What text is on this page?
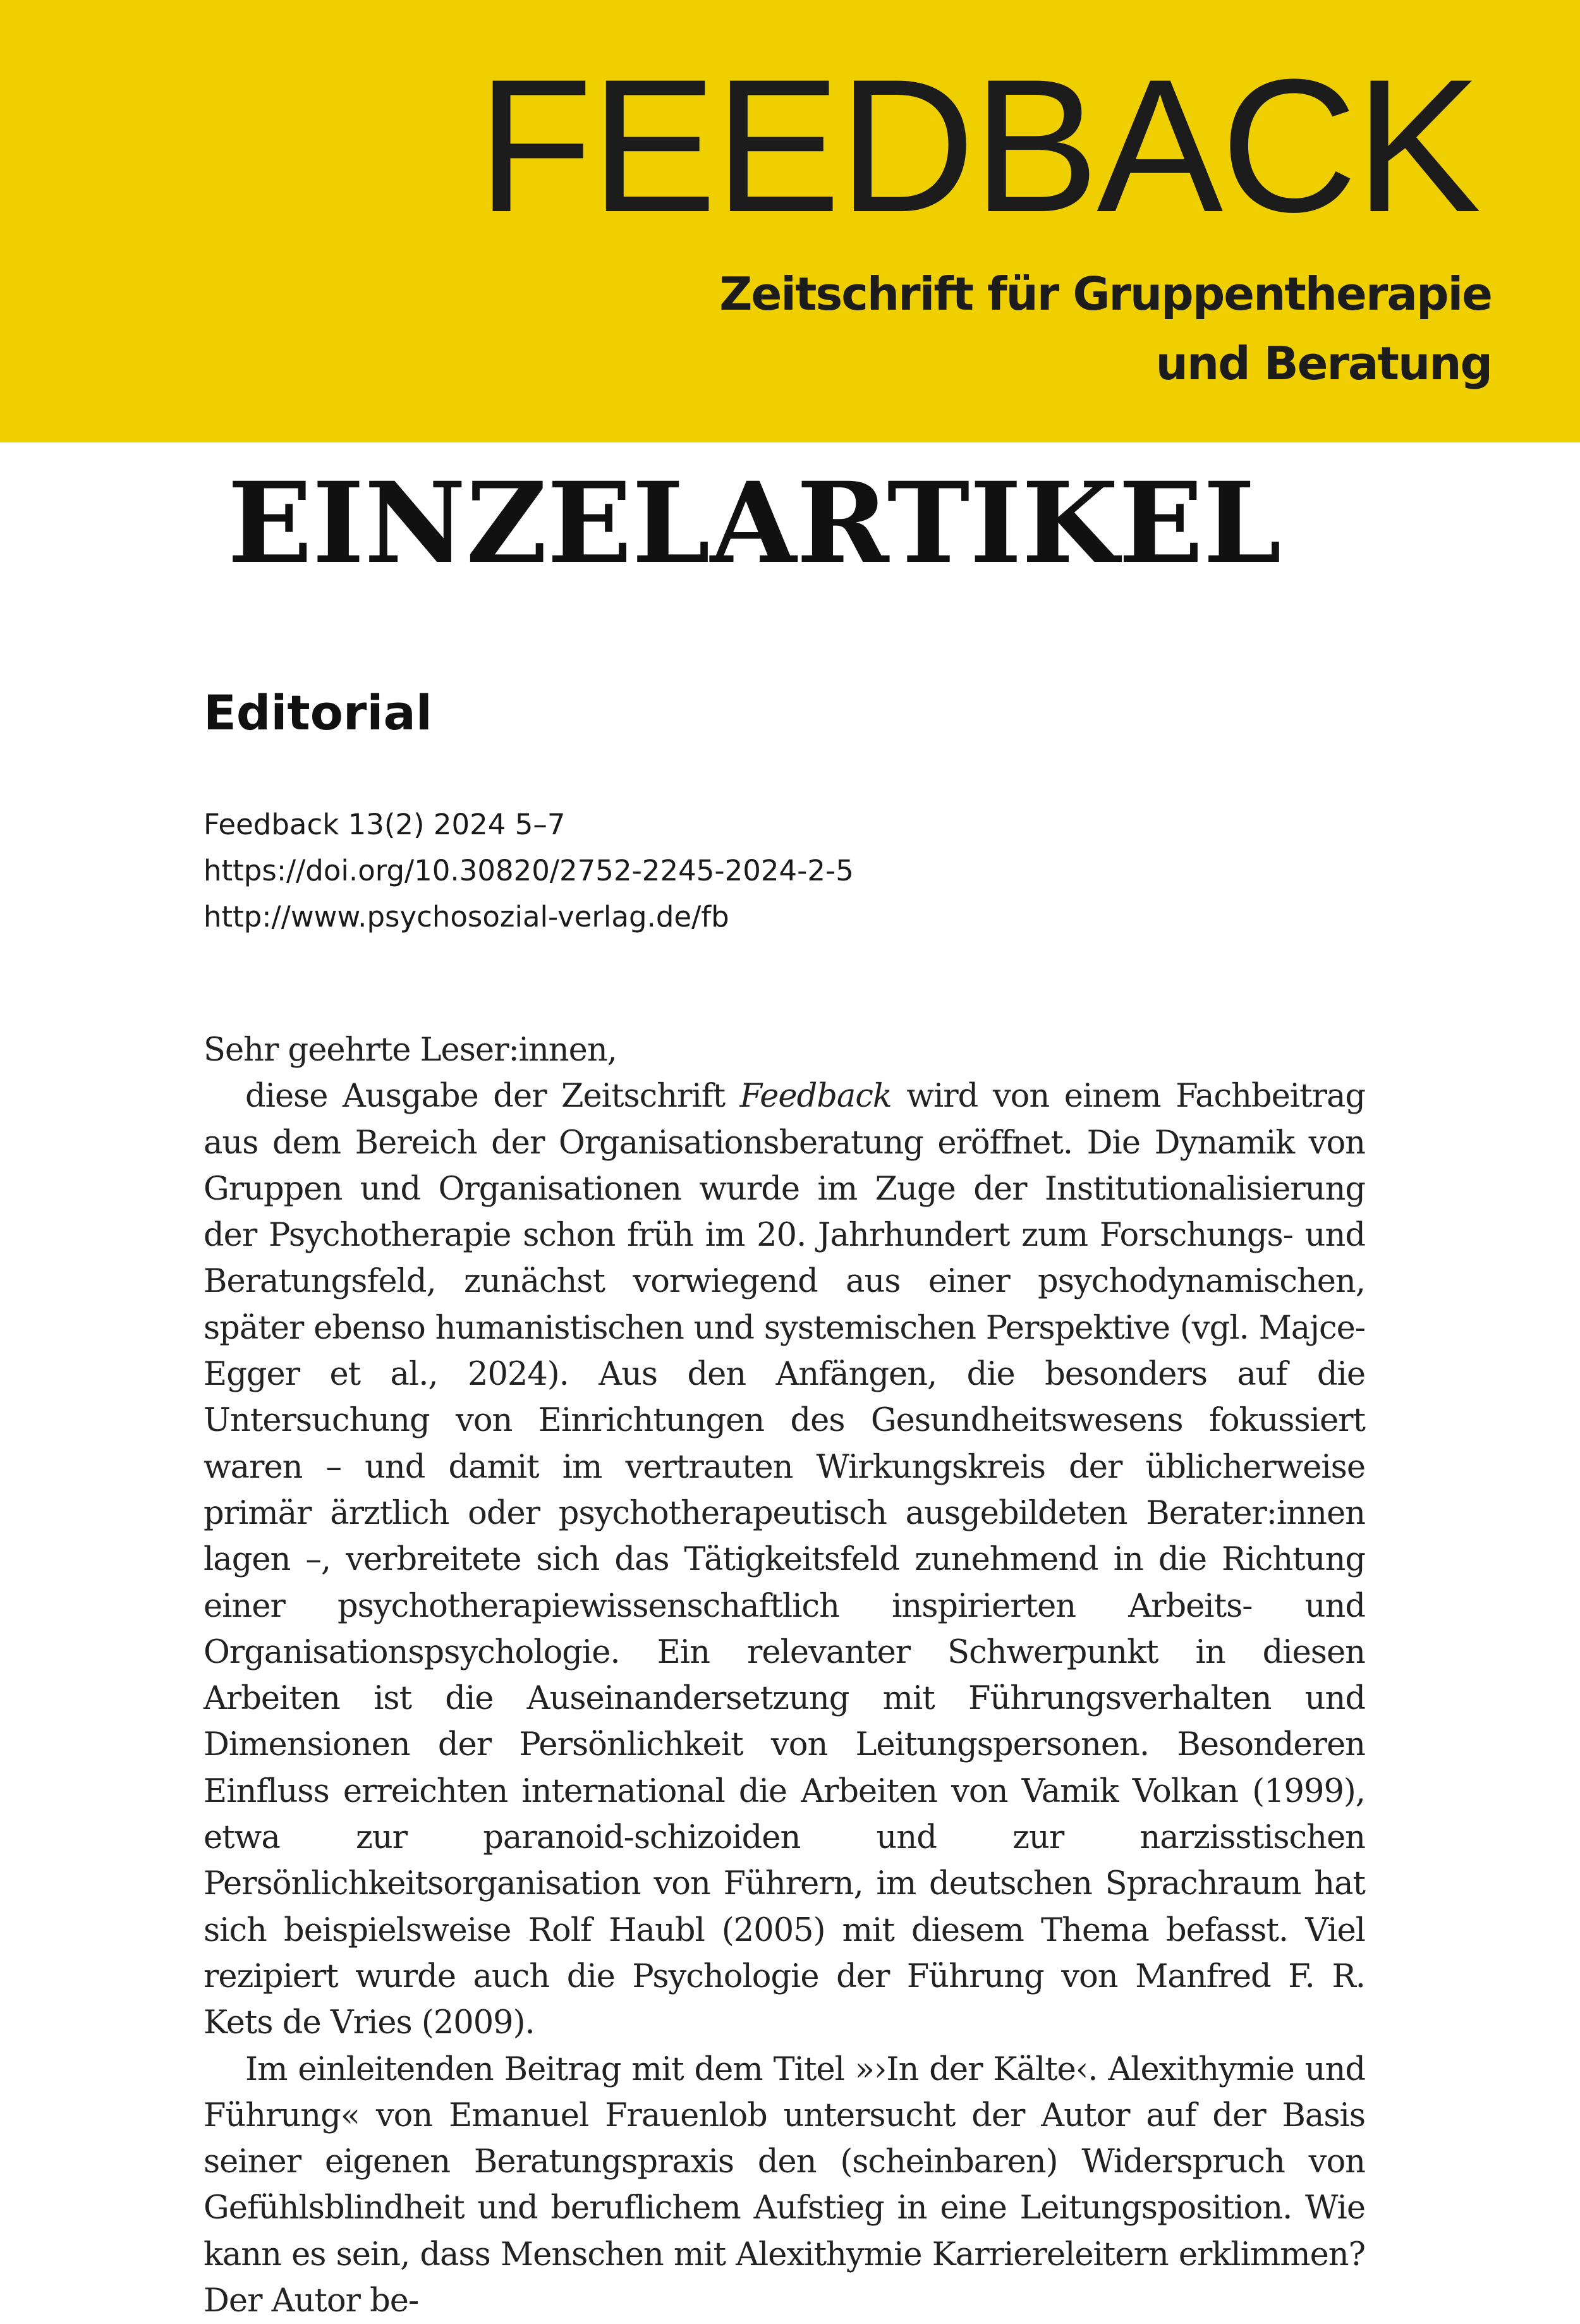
FEEDBACK
Zeitschrift für Gruppentherapie
und Beratung
EINZELARTIKEL
Editorial
Feedback 13(2) 2024 5–7
https://doi.org/10.30820/2752-2245-2024-2-5
http://www.psychosozial-verlag.de/fb

Sehr geehrte Leser:innen,

diese Ausgabe der Zeitschrift Feedback wird von einem Fachbeitrag aus dem Bereich der Organisationsberatung eröffnet. Die Dynamik von Gruppen und Organisationen wurde im Zuge der Institutionalisierung der Psychotherapie schon früh im 20. Jahrhundert zum Forschungs- und Beratungsfeld, zunächst vorwiegend aus einer psychodynamischen, später ebenso humanistischen und systemischen Perspektive (vgl. Majce-Egger et al., 2024). Aus den Anfängen, die besonders auf die Untersuchung von Einrichtungen des Gesundheitswesens fokussiert waren – und damit im vertrauten Wirkungskreis der üblicherweise primär ärztlich oder psychotherapeutisch ausgebildeten Berater:innen lagen –, verbreitete sich das Tätigkeitsfeld zunehmend in die Richtung einer psychotherapiewissenschaftlich inspirierten Arbeits- und Organisationspsychologie. Ein relevanter Schwerpunkt in diesen Arbeiten ist die Auseinandersetzung mit Führungsverhalten und Dimensionen der Persönlichkeit von Leitungspersonen. Besonderen Einfluss erreichten international die Arbeiten von Vamik Volkan (1999), etwa zur paranoid-schizoiden und zur narzisstischen Persönlichkeitsorganisation von Führern, im deutschen Sprachraum hat sich beispielsweise Rolf Haubl (2005) mit diesem Thema befasst. Viel rezipiert wurde auch die Psychologie der Führung von Manfred F. R. Kets de Vries (2009).

Im einleitenden Beitrag mit dem Titel »›In der Kälte‹. Alexithymie und Führung« von Emanuel Frauenlob untersucht der Autor auf der Basis seiner eigenen Beratungspraxis den (scheinbaren) Widerspruch von Gefühlsblindheit und beruflichem Aufstieg in eine Leitungsposition. Wie kann es sein, dass Menschen mit Alexithymie Karriereleitern erklimmen? Der Autor be-
